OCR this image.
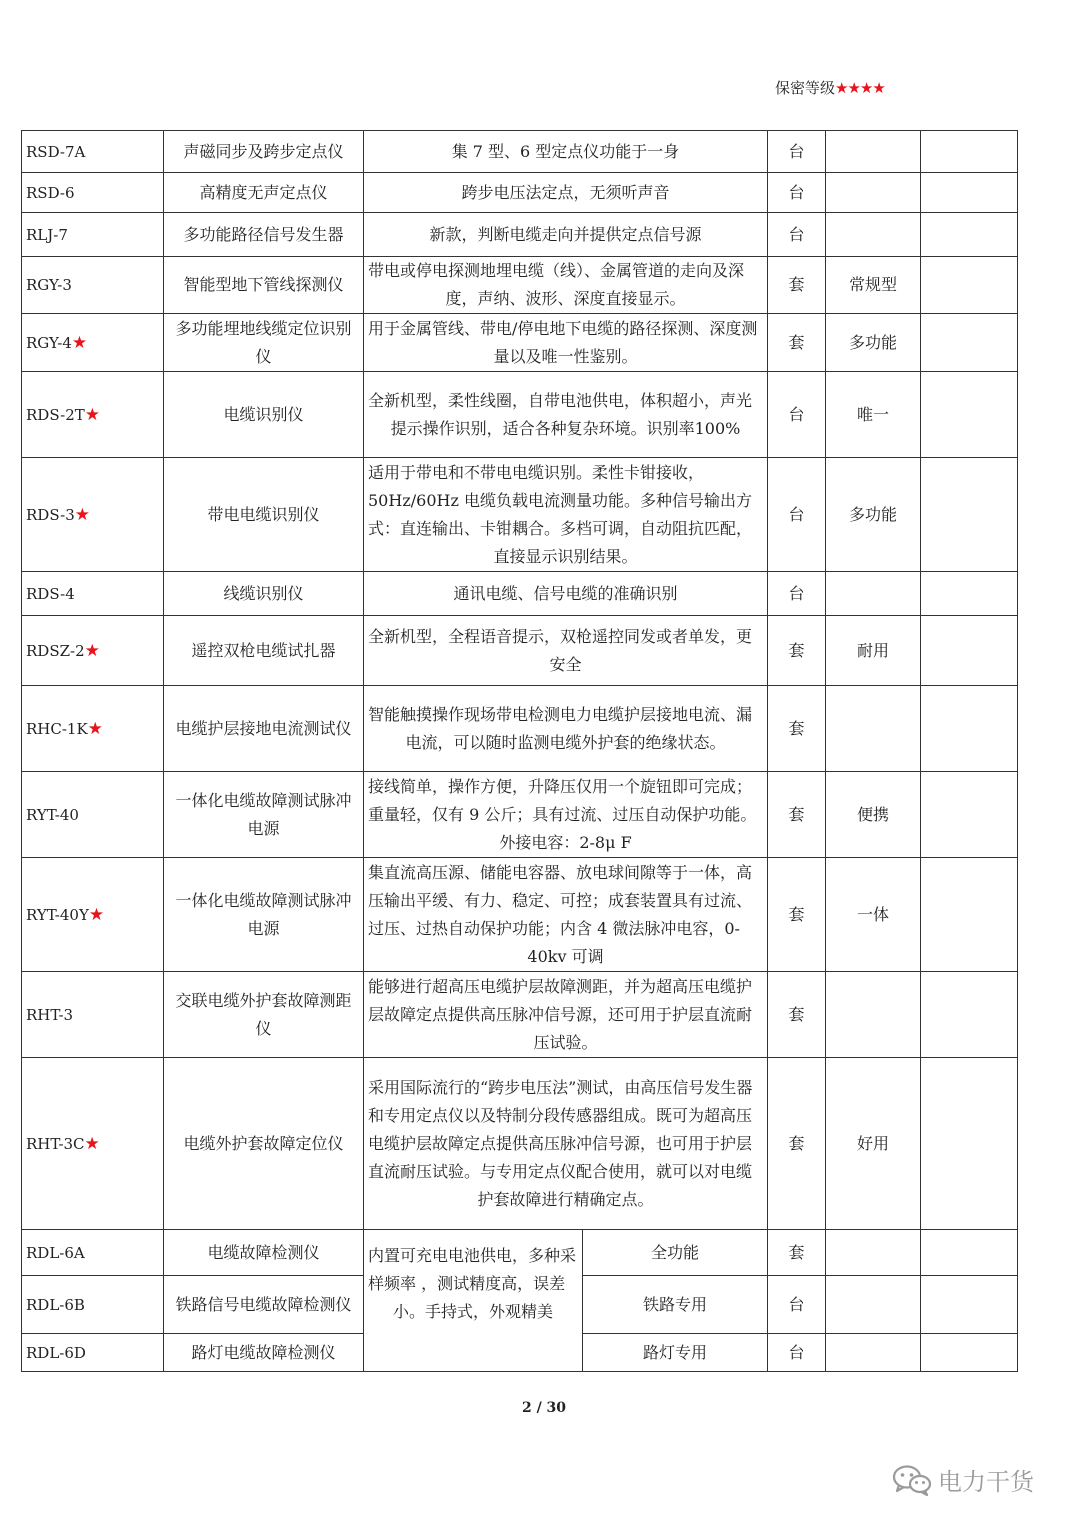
保密等级★★★★
RSD-7A	声磁同步及跨步定点仪	集 7 型、6 型定点仪功能于一身		台		
RSD-6	高精度无声定点仪	跨步电压法定点，无须听声音		台		
RLJ-7	多功能路径信号发生器	新款，判断电缆走向并提供定点信号源		台		
RGY-3	智能型地下管线探测仪	带电或停电探测地埋电缆（线）、金属管道的走向及深度，声纳、波形、深度直接显示。		套	常规型	
RGY-4★	多功能埋地线缆定位识别仪	用于金属管线、带电/停电地下电缆的路径探测、深度测量以及唯一性鉴别。		套	多功能	
RDS-2T★	电缆识别仪	全新机型，柔性线圈，自带电池供电，体积超小，声光提示操作识别，适合各种复杂环境。识别率100%		台	唯一	
RDS-3★	带电电缆识别仪	适用于带电和不带电电缆识别。柔性卡钳接收，50Hz/60Hz 电缆负载电流测量功能。多种信号输出方式：直连输出、卡钳耦合。多档可调，自动阻抗匹配，直接显示识别结果。		台	多功能	
RDS-4	线缆识别仪	通讯电缆、信号电缆的准确识别		台		
RDSZ-2★	遥控双枪电缆试扎器	全新机型，全程语音提示，双枪遥控同发或者单发，更安全		套	耐用	
RHC-1K★	电缆护层接地电流测试仪	智能触摸操作现场带电检测电力电缆护层接地电流、漏电流，可以随时监测电缆外护套的绝缘状态。		套		
RYT-40	一体化电缆故障测试脉冲电源	接线简单，操作方便，升降压仅用一个旋钮即可完成；重量轻，仅有 9 公斤；具有过流、过压自动保护功能。外接电容：2-8μ F		套	便携	
RYT-40Y★	一体化电缆故障测试脉冲电源	集直流高压源、储能电容器、放电球间隙等于一体，高压输出平缓、有力、稳定、可控；成套装置具有过流、过压、过热自动保护功能；内含 4 微法脉冲电容，0-40kv 可调		套	一体	
RHT-3	交联电缆外护套故障测距仪	能够进行超高压电缆护层故障测距，并为超高压电缆护层故障定点提供高压脉冲信号源，还可用于护层直流耐压试验。		套		
RHT-3C★	电缆外护套故障定位仪	采用国际流行的“跨步电压法”测试，由高压信号发生器和专用定点仪以及特制分段传感器组成。既可为超高压电缆护层故障定点提供高压脉冲信号源，也可用于护层直流耐压试验。与专用定点仪配合使用，就可以对电缆护套故障进行精确定点。		套	好用	
RDL-6A	电缆故障检测仪	内置可充电电池供电，多种采样频率 ，测试精度高，误差小。手持式，外观精美	全功能	套		
RDL-6B	铁路信号电缆故障检测仪		铁路专用	台		
RDL-6D	路灯电缆故障检测仪		路灯专用	台		
2 / 30
电力干货
